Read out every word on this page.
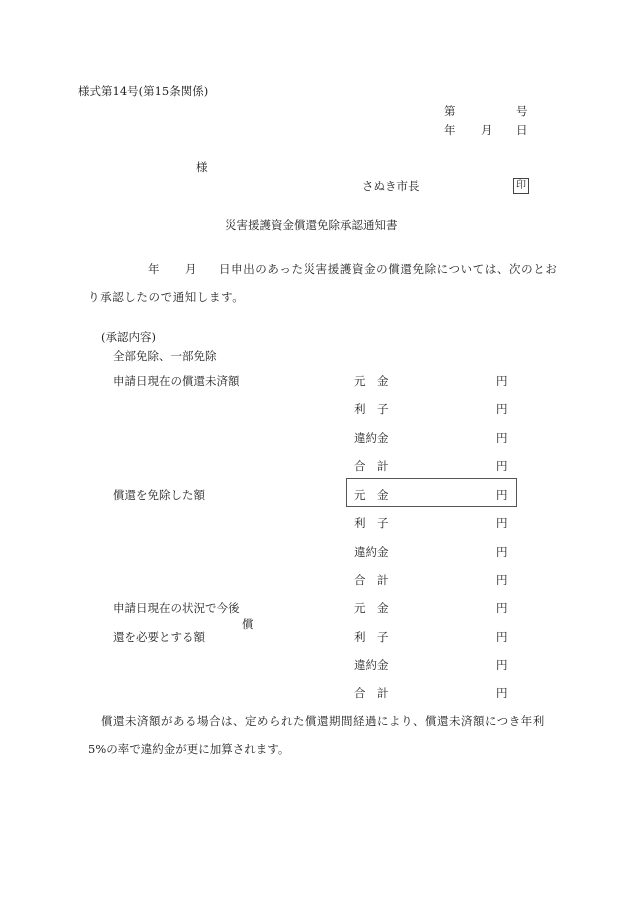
様式第14号(第15条関係)
第	号
年 月 日
様
さぬき市長	印
災害援護資金償還免除承認通知書
年 月 日申出のあった災害援護資金の償還免除については、次のとお
り承認したので通知します。
(承認内容)
全部免除、一部免除
申請日現在の償還未済額	元　金	円
利　子	円
違約金	円
合　計	円
償還を免除した額	元　金	円
利　子	円
違約金	円
合　計	円
申請日現在の状況で今後
償
還を必要とする額
元　金	円
利　子	円
違約金	円
合　計	円
償還未済額がある場合は、定められた償還期間経過により、償還未済額につき年利
5%の率で違約金が更に加算されます。
